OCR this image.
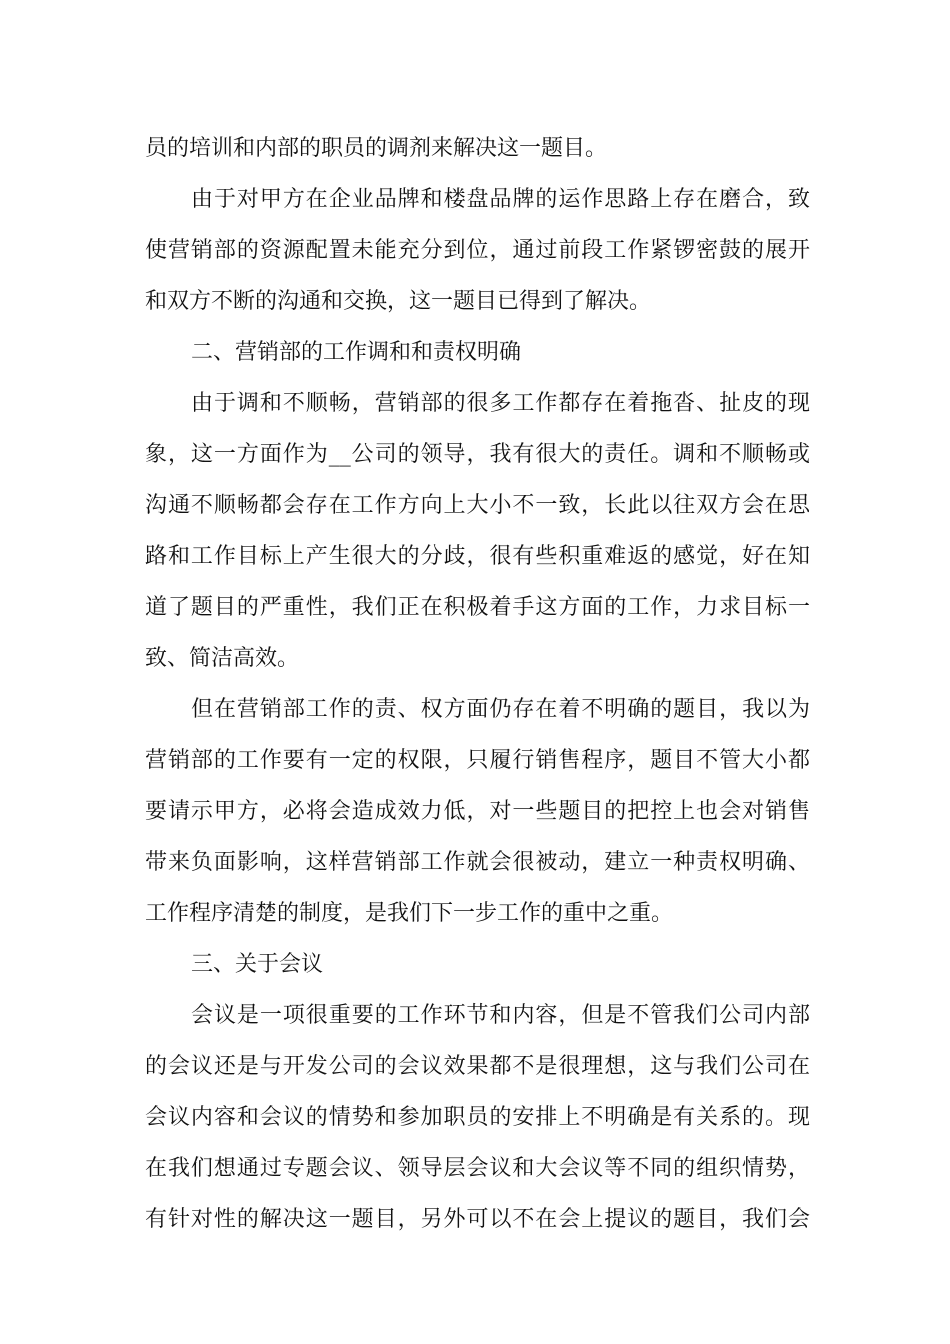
员的培训和内部的职员的调剂来解决这一题目。
由于对甲方在企业品牌和楼盘品牌的运作思路上存在磨合，致
使营销部的资源配置未能充分到位，通过前段工作紧锣密鼓的展开
和双方不断的沟通和交换，这一题目已得到了解决。
二、营销部的工作调和和责权明确
由于调和不顺畅，营销部的很多工作都存在着拖沓、扯皮的现
象，这一方面作为__公司的领导，我有很大的责任。调和不顺畅或
沟通不顺畅都会存在工作方向上大小不一致，长此以往双方会在思
路和工作目标上产生很大的分歧，很有些积重难返的感觉，好在知
道了题目的严重性，我们正在积极着手这方面的工作，力求目标一
致、简洁高效。
但在营销部工作的责、权方面仍存在着不明确的题目，我以为
营销部的工作要有一定的权限，只履行销售程序，题目不管大小都
要请示甲方，必将会造成效力低，对一些题目的把控上也会对销售
带来负面影响，这样营销部工作就会很被动，建立一种责权明确、
工作程序清楚的制度，是我们下一步工作的重中之重。
三、关于会议
会议是一项很重要的工作环节和内容，但是不管我们公司内部
的会议还是与开发公司的会议效果都不是很理想，这与我们公司在
会议内容和会议的情势和参加职员的安排上不明确是有关系的。现
在我们想通过专题会议、领导层会议和大会议等不同的组织情势，
有针对性的解决这一题目，另外可以不在会上提议的题目，我们会
